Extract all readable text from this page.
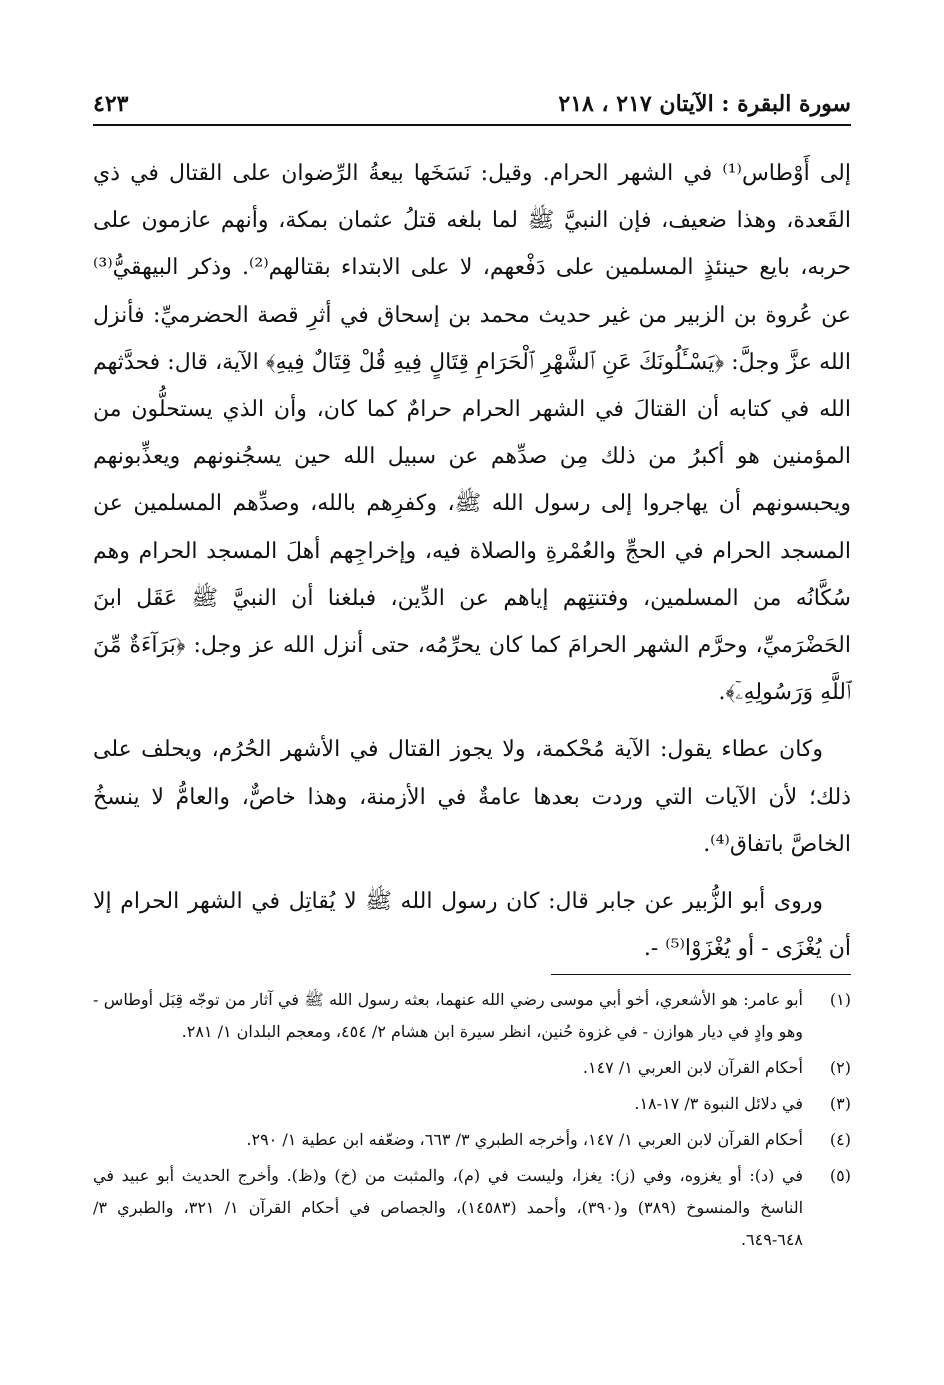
سورة البقرة : الآيتان ٢١٧ ، ٢١٨
٤٢٣

إلى أَوْطاس⁽¹⁾ في الشهر الحرام. وقيل: نَسَخَها بيعةُ الرِّضوان على القتال في ذي القَعدة، وهذا ضعيف، فإن النبيَّ ﷺ لما بلغه قتلُ عثمان بمكة، وأنهم عازمون على حربه، بايع حينئذٍ المسلمين على دَفْعهم، لا على الابتداء بقتالهم⁽²⁾. وذكر البيهقيُّ⁽³⁾ عن عُروة بن الزبير من غير حديث محمد بن إسحاق في أثرِ قصة الحضرميِّ: فأنزل الله عزَّ وجلَّ: ﴿يَسْـَٔلُونَكَ عَنِ ٱلشَّهْرِ ٱلْحَرَامِ قِتَالٍ فِيهِ قُلْ قِتَالٌ فِيهِ﴾ الآية، قال: فحدَّثهم الله في كتابه أن القتالَ في الشهر الحرام حرامٌ كما كان، وأن الذي يستحلُّون من المؤمنين هو أكبرُ من ذلك مِن صدِّهم عن سبيل الله حين يسجُنونهم ويعذِّبونهم ويحبسونهم أن يهاجروا إلى رسول الله ﷺ، وكفرِهم بالله، وصدِّهم المسلمين عن المسجد الحرام في الحجِّ والعُمْرةِ والصلاة فيه، وإخراجِهم أهلَ المسجد الحرام وهم سُكَّانُه من المسلمين، وفتنتِهم إياهم عن الدِّين، فبلغنا أن النبيَّ ﷺ عَقَل ابنَ الحَضْرَميِّ، وحرَّم الشهر الحرامَ كما كان يحرِّمُه، حتى أنزل الله عز وجل: ﴿بَرَآءَةٌ مِّنَ ٱللَّهِ وَرَسُولِهِۦٓ﴾.

وكان عطاء يقول: الآية مُحْكمة، ولا يجوز القتال في الأشهر الحُرُم، ويحلف على ذلك؛ لأن الآيات التي وردت بعدها عامةٌ في الأزمنة، وهذا خاصٌّ، والعامُّ لا ينسخُ الخاصَّ باتفاق⁽⁴⁾.

وروى أبو الزُّبير عن جابر قال: كان رسول الله ﷺ لا يُقاتِل في الشهر الحرام إلا أن يُغْزَى - أو يُغْزَوْا⁽⁵⁾ -.

(١)
أبو عامر: هو الأشعري، أخو أبي موسى رضي الله عنهما، بعثه رسول الله ﷺ في آثار من توجّه قِبَل أوطاس - وهو وادٍ في ديار هوازن - في غزوة حُنين، انظر سيرة ابن هشام ٢/ ٤٥٤، ومعجم البلدان ١/ ٢٨١.
(٢)
أحكام القرآن لابن العربي ١/ ١٤٧.
(٣)
في دلائل النبوة ٣/ ١٧-١٨.
(٤)
أحكام القرآن لابن العربي ١/ ١٤٧، وأخرجه الطبري ٣/ ٦٦٣، وضعّفه ابن عطية ١/ ٢٩٠.
(٥)
في (د): أو يغزوه، وفي (ز): يغزا، وليست في (م)، والمثبت من (خ) و(ظ). وأخرج الحديث أبو عبيد في الناسخ والمنسوخ (٣٨٩) و(٣٩٠)، وأحمد (١٤٥٨٣)، والجصاص في أحكام القرآن ١/ ٣٢١، والطبري ٣/ ٦٤٨-٦٤٩.
